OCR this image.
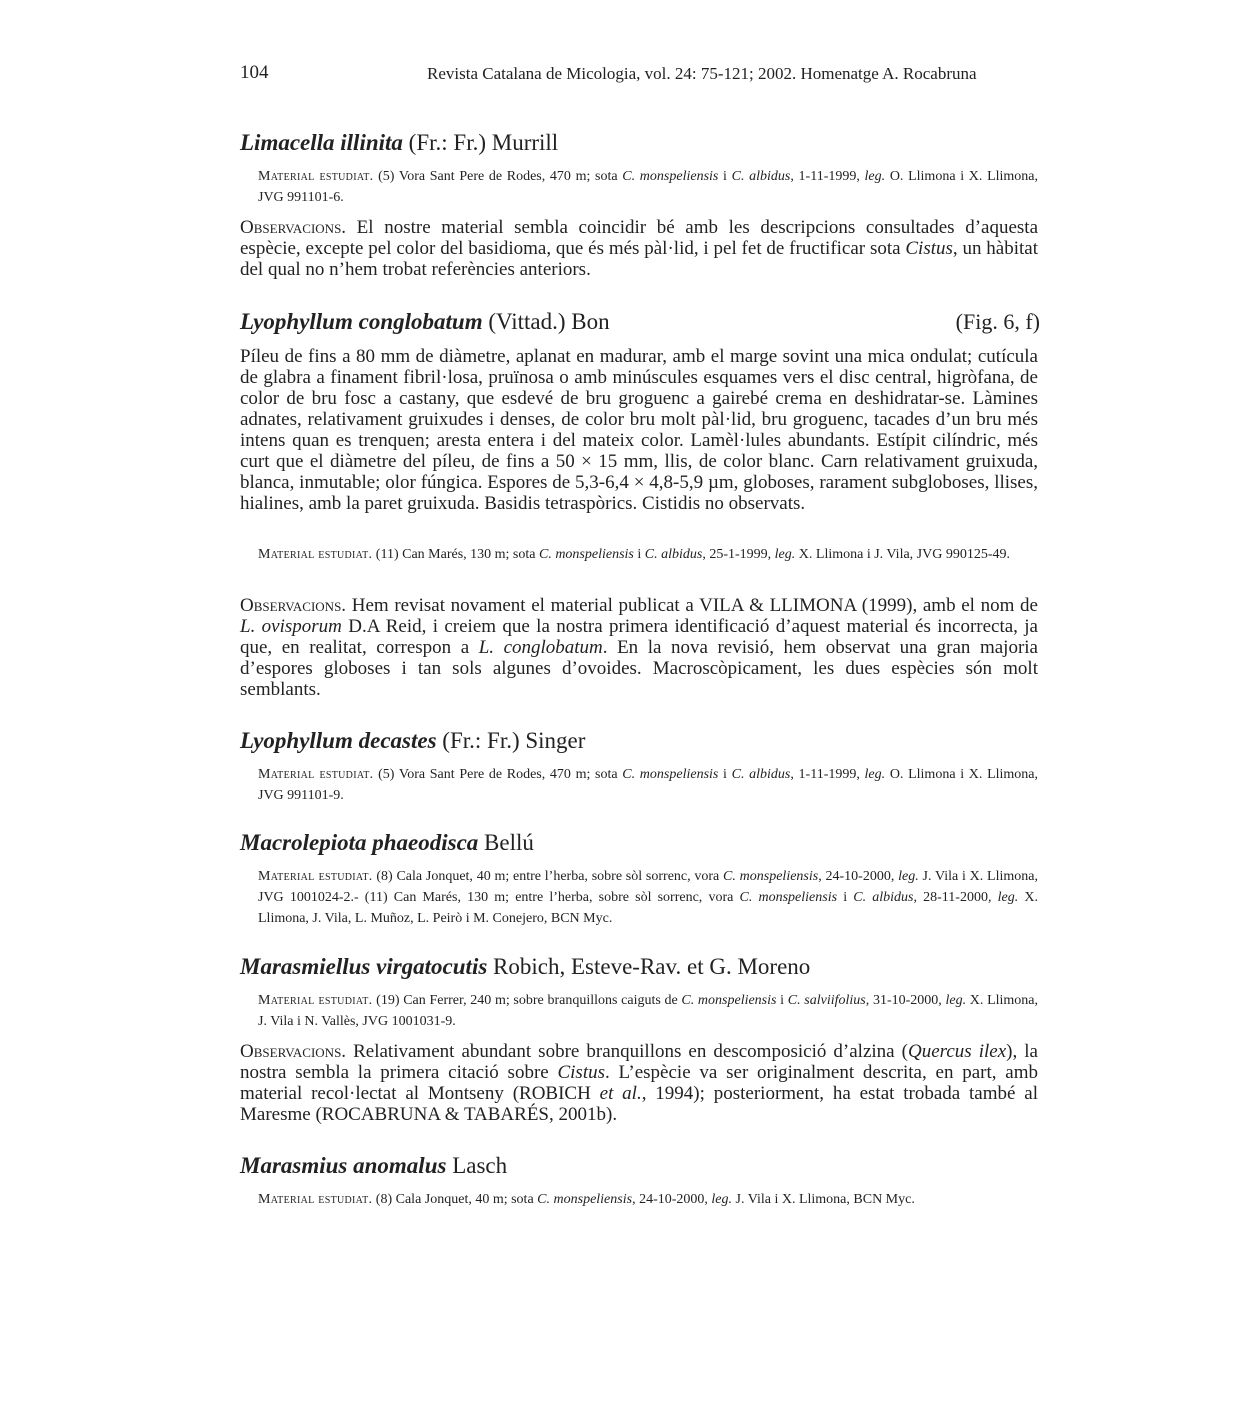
104	Revista Catalana de Micologia, vol. 24: 75-121; 2002. Homenatge A. Rocabruna
Limacella illinita (Fr.: Fr.) Murrill
Material estudiat. (5) Vora Sant Pere de Rodes, 470 m; sota C. monspeliensis i C. albidus, 1-11-1999, leg. O. Llimona i X. Llimona, JVG 991101-6.
Observacions. El nostre material sembla coincidir bé amb les descripcions consultades d’aquesta espècie, excepte pel color del basidioma, que és més pàl·lid, i pel fet de fructificar sota Cistus, un hàbitat del qual no n’hem trobat referències anteriors.
Lyophyllum conglobatum (Vittad.) Bon	(Fig. 6, f)
Píleu de fins a 80 mm de diàmetre, aplanat en madurar, amb el marge sovint una mica ondulat; cutícula de glabra a finament fibril·losa, pruïnosa o amb minúscules esquames vers el disc central, higròfana, de color de bru fosc a castany, que esdevé de bru groguenc a gairebé crema en deshidratar-se. Làmines adnates, relativament gruixudes i denses, de color bru molt pàl·lid, bru groguenc, tacades d’un bru més intens quan es trenquen; aresta entera i del mateix color. Lamèl·lules abundants. Estípit cilíndric, més curt que el diàmetre del píleu, de fins a 50 × 15 mm, llis, de color blanc. Carn relativament gruixuda, blanca, inmutable; olor fúngica. Espores de 5,3-6,4 × 4,8-5,9 µm, globoses, rarament subgloboses, llises, hialines, amb la paret gruixuda. Basidis tetraspòrics. Cistidis no observats.
Material estudiat. (11) Can Marés, 130 m; sota C. monspeliensis i C. albidus, 25-1-1999, leg. X. Llimona i J. Vila, JVG 990125-49.
Observacions. Hem revisat novament el material publicat a VILA & LLIMONA (1999), amb el nom de L. ovisporum D.A Reid, i creiem que la nostra primera identificació d’aquest material és incorrecta, ja que, en realitat, correspon a L. conglobatum. En la nova revisió, hem observat una gran majoria d’espores globoses i tan sols algunes d’ovoides. Macroscòpicament, les dues espècies són molt semblants.
Lyophyllum decastes (Fr.: Fr.) Singer
Material estudiat. (5) Vora Sant Pere de Rodes, 470 m; sota C. monspeliensis i C. albidus, 1-11-1999, leg. O. Llimona i X. Llimona, JVG 991101-9.
Macrolepiota phaeodisca Bellú
Material estudiat. (8) Cala Jonquet, 40 m; entre l’herba, sobre sòl sorrenc, vora C. monspeliensis, 24-10-2000, leg. J. Vila i X. Llimona, JVG 1001024-2.- (11) Can Marés, 130 m; entre l’herba, sobre sòl sorrenc, vora C. monspeliensis i C. albidus, 28-11-2000, leg. X. Llimona, J. Vila, L. Muñoz, L. Peirò i M. Conejero, BCN Myc.
Marasmiellus virgatocutis Robich, Esteve-Rav. et G. Moreno
Material estudiat. (19) Can Ferrer, 240 m; sobre branquillons caiguts de C. monspeliensis i C. salviifolius, 31-10-2000, leg. X. Llimona, J. Vila i N. Vallès, JVG 1001031-9.
Observacions. Relativament abundant sobre branquillons en descomposició d’alzina (Quercus ilex), la nostra sembla la primera citació sobre Cistus. L’espècie va ser originalment descrita, en part, amb material recol·lectat al Montseny (ROBICH et al., 1994); posteriorment, ha estat trobada també al Maresme (ROCABRUNA & TABARÉS, 2001b).
Marasmius anomalus Lasch
Material estudiat. (8) Cala Jonquet, 40 m; sota C. monspeliensis, 24-10-2000, leg. J. Vila i X. Llimona, BCN Myc.
